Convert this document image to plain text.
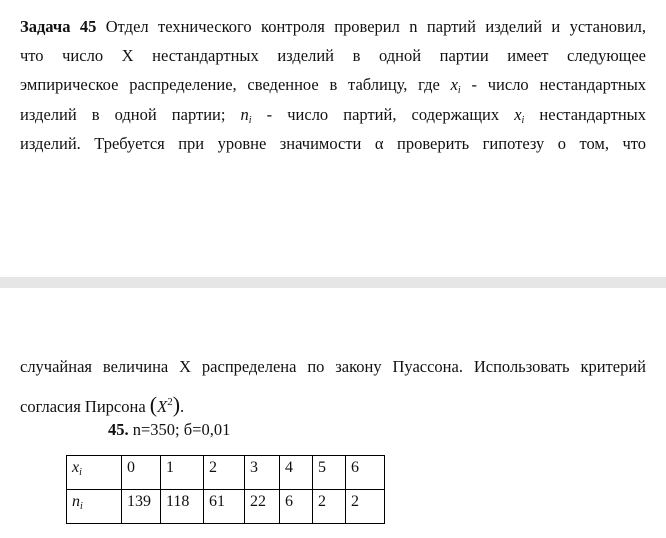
Задача 45 Отдел технического контроля проверил n партий изделий и установил,
что число Х нестандартных изделий в одной партии имеет следующее
эмпирическое распределение, сведенное в таблицу, где $x_i$ - число нестандартных
изделий в одной партии; $n_i$ - число партий, содержащих $x_i$ нестандартных
изделий. Требуется при уровне значимости α проверить гипотезу о том, что
случайная величина Х распределена по закону Пуассона. Использовать критерий
согласия Пирсона $(X^2)$.
45. n=350; б=0,01
$x_i$	0	1	2	3	4	5	6
$n_i$	139	118	61	22	6	2	2
